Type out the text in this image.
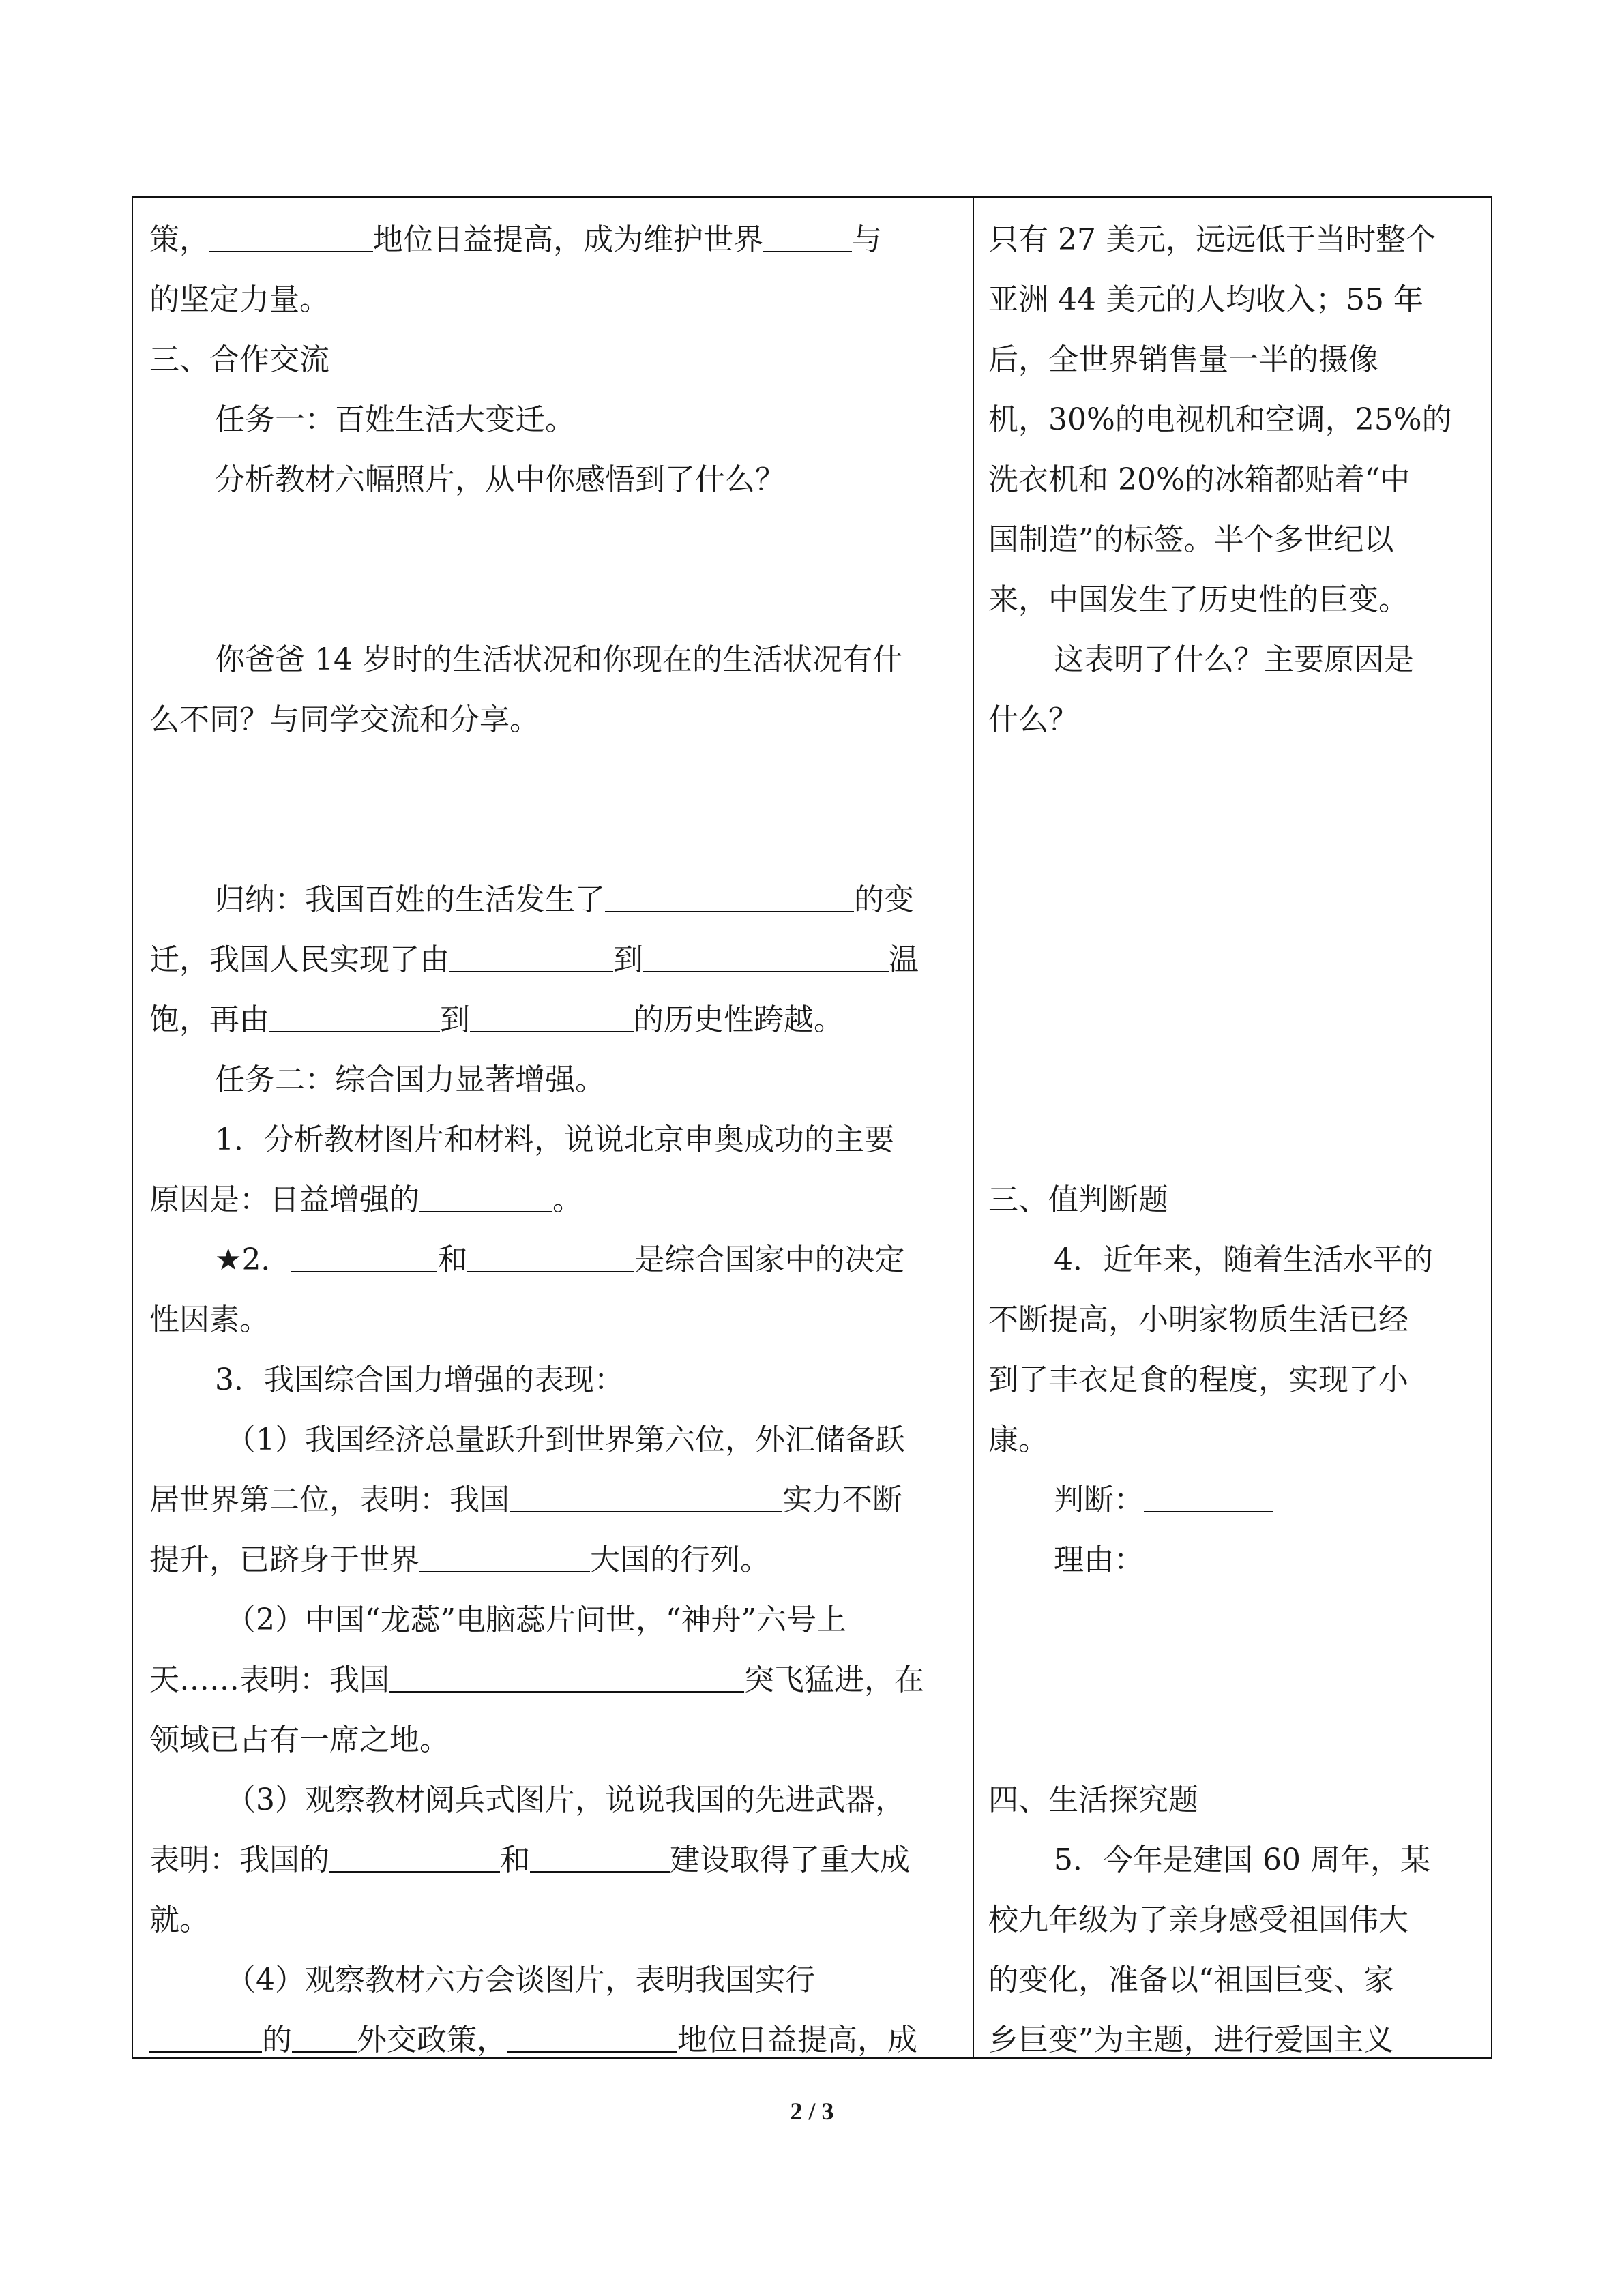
策，	地位日益提高，成为维护世界	与
的坚定力量。
三、合作交流
任务一：百姓生活大变迁。
分析教材六幅照片，从中你感悟到了什么？
你爸爸 14 岁时的生活状况和你现在的生活状况有什
么不同？与同学交流和分享。
归纳：我国百姓的生活发生了	的变
迁，我国人民实现了由	到	温
饱，再由	到	的历史性跨越。
任务二：综合国力显著增强。
1．分析教材图片和材料，说说北京申奥成功的主要
原因是：日益增强的	。
★2．	和	是综合国家中的决定
性因素。
3．我国综合国力增强的表现：
（1）我国经济总量跃升到世界第六位，外汇储备跃
居世界第二位，表明：我国	实力不断
提升，已跻身于世界	大国的行列。
（2）中国“龙蕊”电脑蕊片问世，“神舟”六号上
天……表明：我国	突飞猛进，在
领域已占有一席之地。
（3）观察教材阅兵式图片，说说我国的先进武器，
表明：我国的	和	建设取得了重大成
就。
（4）观察教材六方会谈图片，表明我国实行
的 外交政策，	地位日益提高，成
只有 27 美元，远远低于当时整个
亚洲 44 美元的人均收入；55 年
后，全世界销售量一半的摄像
机，30%的电视机和空调，25%的
洗衣机和 20%的冰箱都贴着“中
国制造”的标签。半个多世纪以
来，中国发生了历史性的巨变。
这表明了什么？主要原因是
什么？
三、值判断题
4．近年来，随着生活水平的
不断提高，小明家物质生活已经
到了丰衣足食的程度，实现了小
康。
判断：
理由：
四、生活探究题
5．今年是建国 60 周年，某
校九年级为了亲身感受祖国伟大
的变化，准备以“祖国巨变、家
乡巨变”为主题，进行爱国主义
2 / 3
